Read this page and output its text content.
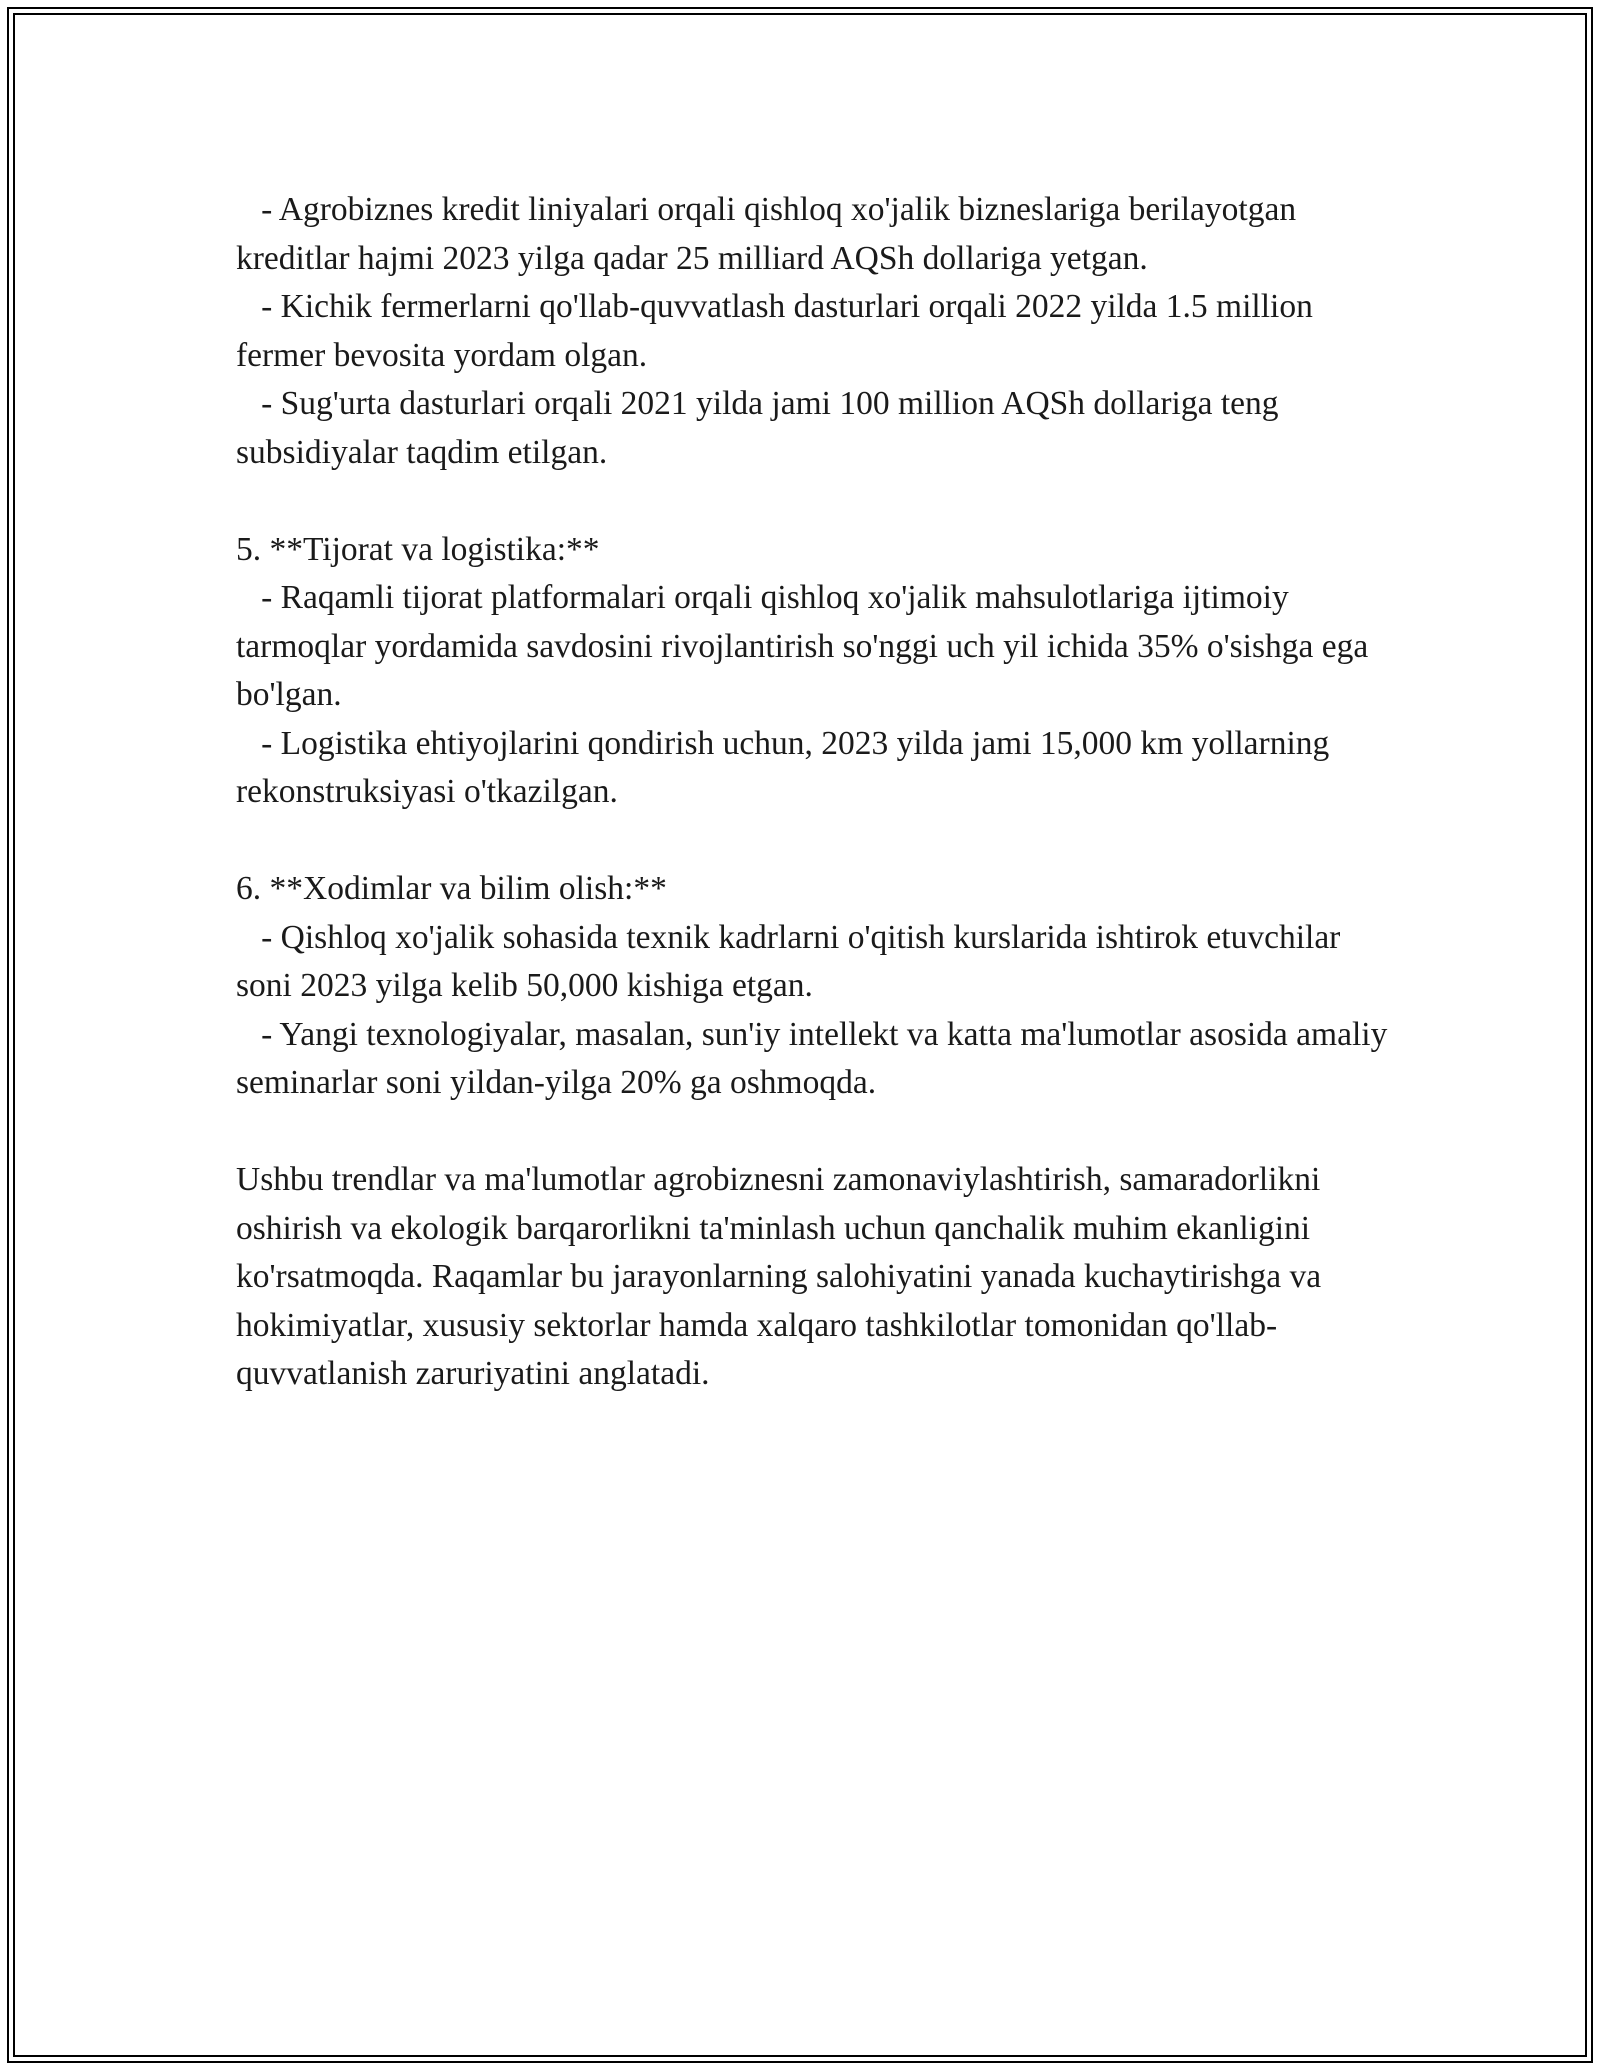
- Agrobiznes kredit liniyalari orqali qishloq xo'jalik bizneslariga berilayotgan kreditlar hajmi 2023 yilga qadar 25 milliard AQSh dollariga yetgan.

- Kichik fermerlarni qo'llab-quvvatlash dasturlari orqali 2022 yilda 1.5 million fermer bevosita yordam olgan.

- Sug'urta dasturlari orqali 2021 yilda jami 100 million AQSh dollariga teng subsidiyalar taqdim etilgan.

5. **Tijorat va logistika:**

- Raqamli tijorat platformalari orqali qishloq xo'jalik mahsulotlariga ijtimoiy tarmoqlar yordamida savdosini rivojlantirish so'nggi uch yil ichida 35% o'sishga ega bo'lgan.

- Logistika ehtiyojlarini qondirish uchun, 2023 yilda jami 15,000 km yollarning rekonstruksiyasi o'tkazilgan.

6. **Xodimlar va bilim olish:**

- Qishloq xo'jalik sohasida texnik kadrlarni o'qitish kurslarida ishtirok etuvchilar soni 2023 yilga kelib 50,000 kishiga etgan.

- Yangi texnologiyalar, masalan, sun'iy intellekt va katta ma'lumotlar asosida amaliy seminarlar soni yildan-yilga 20% ga oshmoqda.

Ushbu trendlar va ma'lumotlar agrobiznesni zamonaviylashtirish, samaradorlikni oshirish va ekologik barqarorlikni ta'minlash uchun qanchalik muhim ekanligini ko'rsatmoqda. Raqamlar bu jarayonlarning salohiyatini yanada kuchaytirishga va hokimiyatlar, xususiy sektorlar hamda xalqaro tashkilotlar tomonidan qo'llab-quvvatlanish zaruriyatini anglatadi.
